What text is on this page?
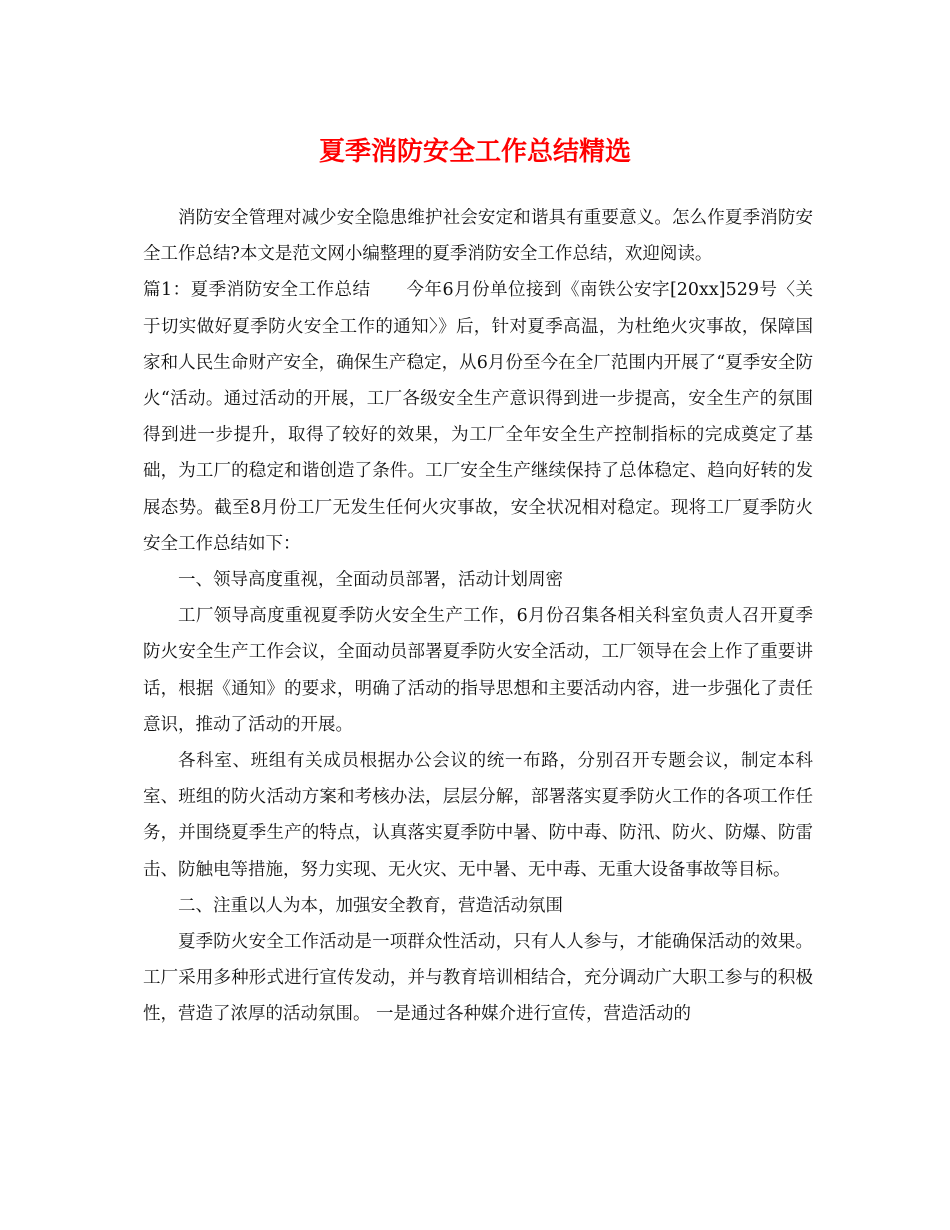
夏季消防安全工作总结精选

消防安全管理对减少安全隐患维护社会安定和谐具有重要意义。怎么作夏季消防安全工作总结?本文是范文网小编整理的夏季消防安全工作总结，欢迎阅读。

篇1：夏季消防安全工作总结　　今年6月份单位接到《南铁公安字[20xx]529号〈关于切实做好夏季防火安全工作的通知〉》后，针对夏季高温，为杜绝火灾事故，保障国家和人民生命财产安全，确保生产稳定，从6月份至今在全厂范围内开展了“夏季安全防火“活动。通过活动的开展，工厂各级安全生产意识得到进一步提高，安全生产的氛围得到进一步提升，取得了较好的效果，为工厂全年安全生产控制指标的完成奠定了基础，为工厂的稳定和谐创造了条件。工厂安全生产继续保持了总体稳定、趋向好转的发展态势。截至8月份工厂无发生任何火灾事故，安全状况相对稳定。现将工厂夏季防火安全工作总结如下：

一、领导高度重视，全面动员部署，活动计划周密

工厂领导高度重视夏季防火安全生产工作，6月份召集各相关科室负责人召开夏季防火安全生产工作会议，全面动员部署夏季防火安全活动，工厂领导在会上作了重要讲话，根据《通知》的要求，明确了活动的指导思想和主要活动内容，进一步强化了责任意识，推动了活动的开展。

各科室、班组有关成员根据办公会议的统一布路，分别召开专题会议，制定本科室、班组的防火活动方案和考核办法，层层分解，部署落实夏季防火工作的各项工作任务，并围绕夏季生产的特点，认真落实夏季防中暑、防中毒、防汛、防火、防爆、防雷击、防触电等措施，努力实现、无火灾、无中暑、无中毒、无重大设备事故等目标。

二、注重以人为本，加强安全教育，营造活动氛围

夏季防火安全工作活动是一项群众性活动，只有人人参与，才能确保活动的效果。工厂采用多种形式进行宣传发动，并与教育培训相结合，充分调动广大职工参与的积极性，营造了浓厚的活动氛围。 一是通过各种媒介进行宣传，营造活动的
